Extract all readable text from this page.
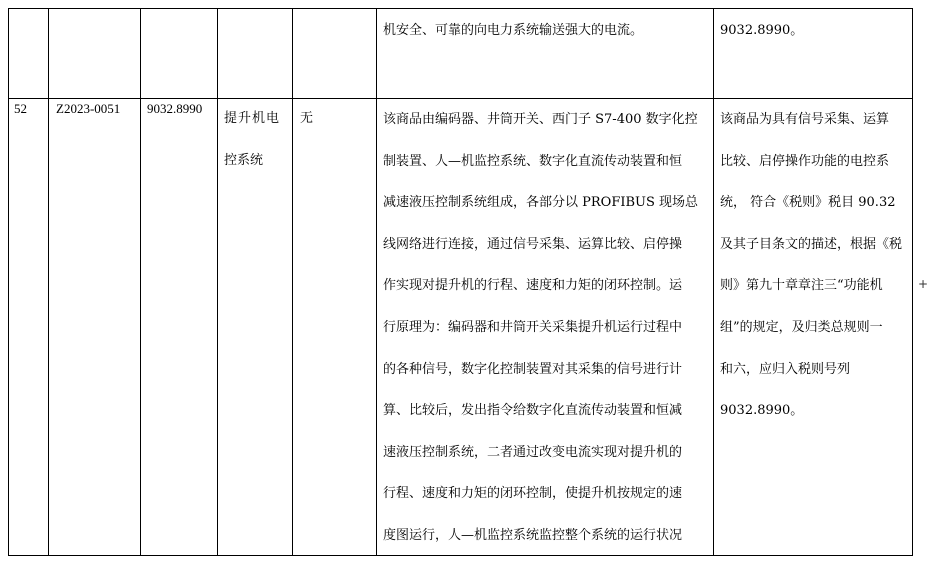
机安全、可靠的向电力系统输送强大的电流。	9032.8990。
52 Z2023-0051 9032.8990
提升机电
控系统
无	该商品由编码器、井筒开关、西门子 S7-400 数字化控
制装置、人—机监控系统、数字化直流传动装置和恒
减速液压控制系统组成，各部分以 PROFIBUS 现场总
线网络进行连接，通过信号采集、运算比较、启停操
作实现对提升机的行程、速度和力矩的闭环控制。运
行原理为：编码器和井筒开关采集提升机运行过程中
的各种信号，数字化控制装置对其采集的信号进行计
算、比较后，发出指令给数字化直流传动装置和恒减
速液压控制系统，二者通过改变电流实现对提升机的
行程、速度和力矩的闭环控制，使提升机按规定的速
度图运行，人—机监控系统监控整个系统的运行状况
该商品为具有信号采集、运算
比较、启停操作功能的电控系
统， 符合《税则》税目 90.32
及其子目条文的描述，根据《税
则》第九十章章注三“功能机
组”的规定，及归类总规则一
和六，应归入税则号列
9032.8990。
+
